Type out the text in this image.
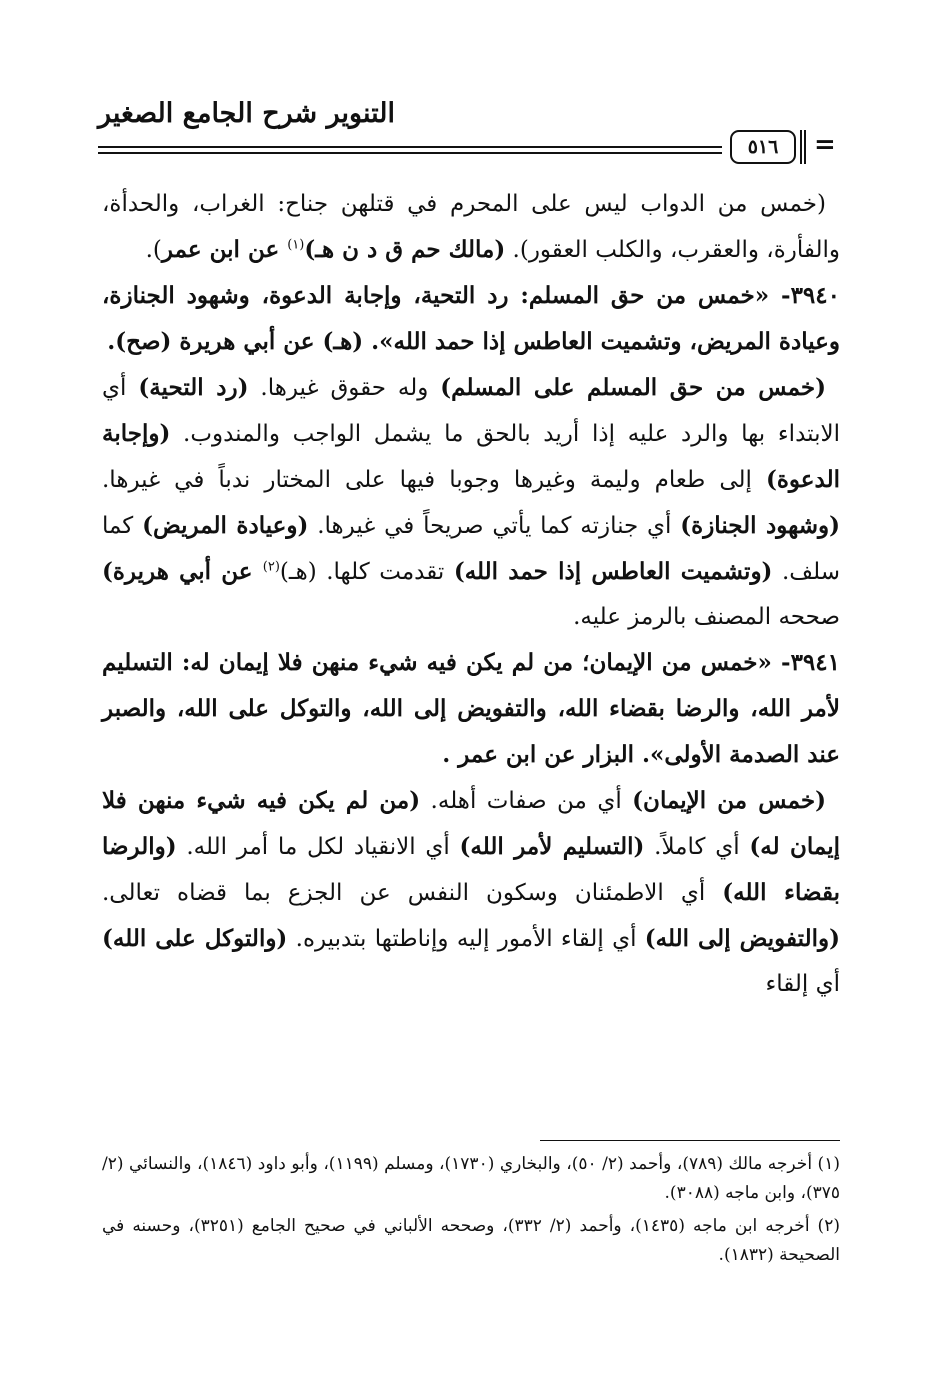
التنوير شرح الجامع الصغير
=
٥١٦

(خمس من الدواب ليس على المحرم في قتلهن جناح: الغراب، والحدأة، والفأرة، والعقرب، والكلب العقور). (مالك حم ق د ن هـ)$^{(١)}$ عن ابن عمر).

٣٩٤٠- «خمس من حق المسلم: رد التحية، وإجابة الدعوة، وشهود الجنازة، وعيادة المريض، وتشميت العاطس إذا حمد الله». (هـ) عن أبي هريرة (صح).

(خمس من حق المسلم على المسلم) وله حقوق غيرها. (رد التحية) أي الابتداء بها والرد عليه إذا أريد بالحق ما يشمل الواجب والمندوب. (وإجابة الدعوة) إلى طعام وليمة وغيرها وجوبا فيها على المختار ندباً في غيرها. (وشهود الجنازة) أي جنازته كما يأتي صريحاً في غيرها. (وعيادة المريض) كما سلف. (وتشميت العاطس إذا حمد الله) تقدمت كلها. (هـ)$^{(٢)}$ عن أبي هريرة) صححه المصنف بالرمز عليه.

٣٩٤١- «خمس من الإيمان؛ من لم يكن فيه شيء منهن فلا إيمان له: التسليم لأمر الله، والرضا بقضاء الله، والتفويض إلى الله، والتوكل على الله، والصبر عند الصدمة الأولى». البزار عن ابن عمر .

(خمس من الإيمان) أي من صفات أهله. (من لم يكن فيه شيء منهن فلا إيمان له) أي كاملاً. (التسليم لأمر الله) أي الانقياد لكل ما أمر الله. (والرضا بقضاء الله) أي الاطمئنان وسكون النفس عن الجزع بما قضاه تعالى. (والتفويض إلى الله) أي إلقاء الأمور إليه وإناطتها بتدبيره. (والتوكل على الله) أي إلقاء

(١) أخرجه مالك (٧٨٩)، وأحمد (٢/ ٥٠)، والبخاري (١٧٣٠)، ومسلم (١١٩٩)، وأبو داود (١٨٤٦)، والنسائي (٢/ ٣٧٥)، وابن ماجه (٣٠٨٨).

(٢) أخرجه ابن ماجه (١٤٣٥)، وأحمد (٢/ ٣٣٢)، وصححه الألباني في صحيح الجامع (٣٢٥١)، وحسنه في الصحيحة (١٨٣٢).
